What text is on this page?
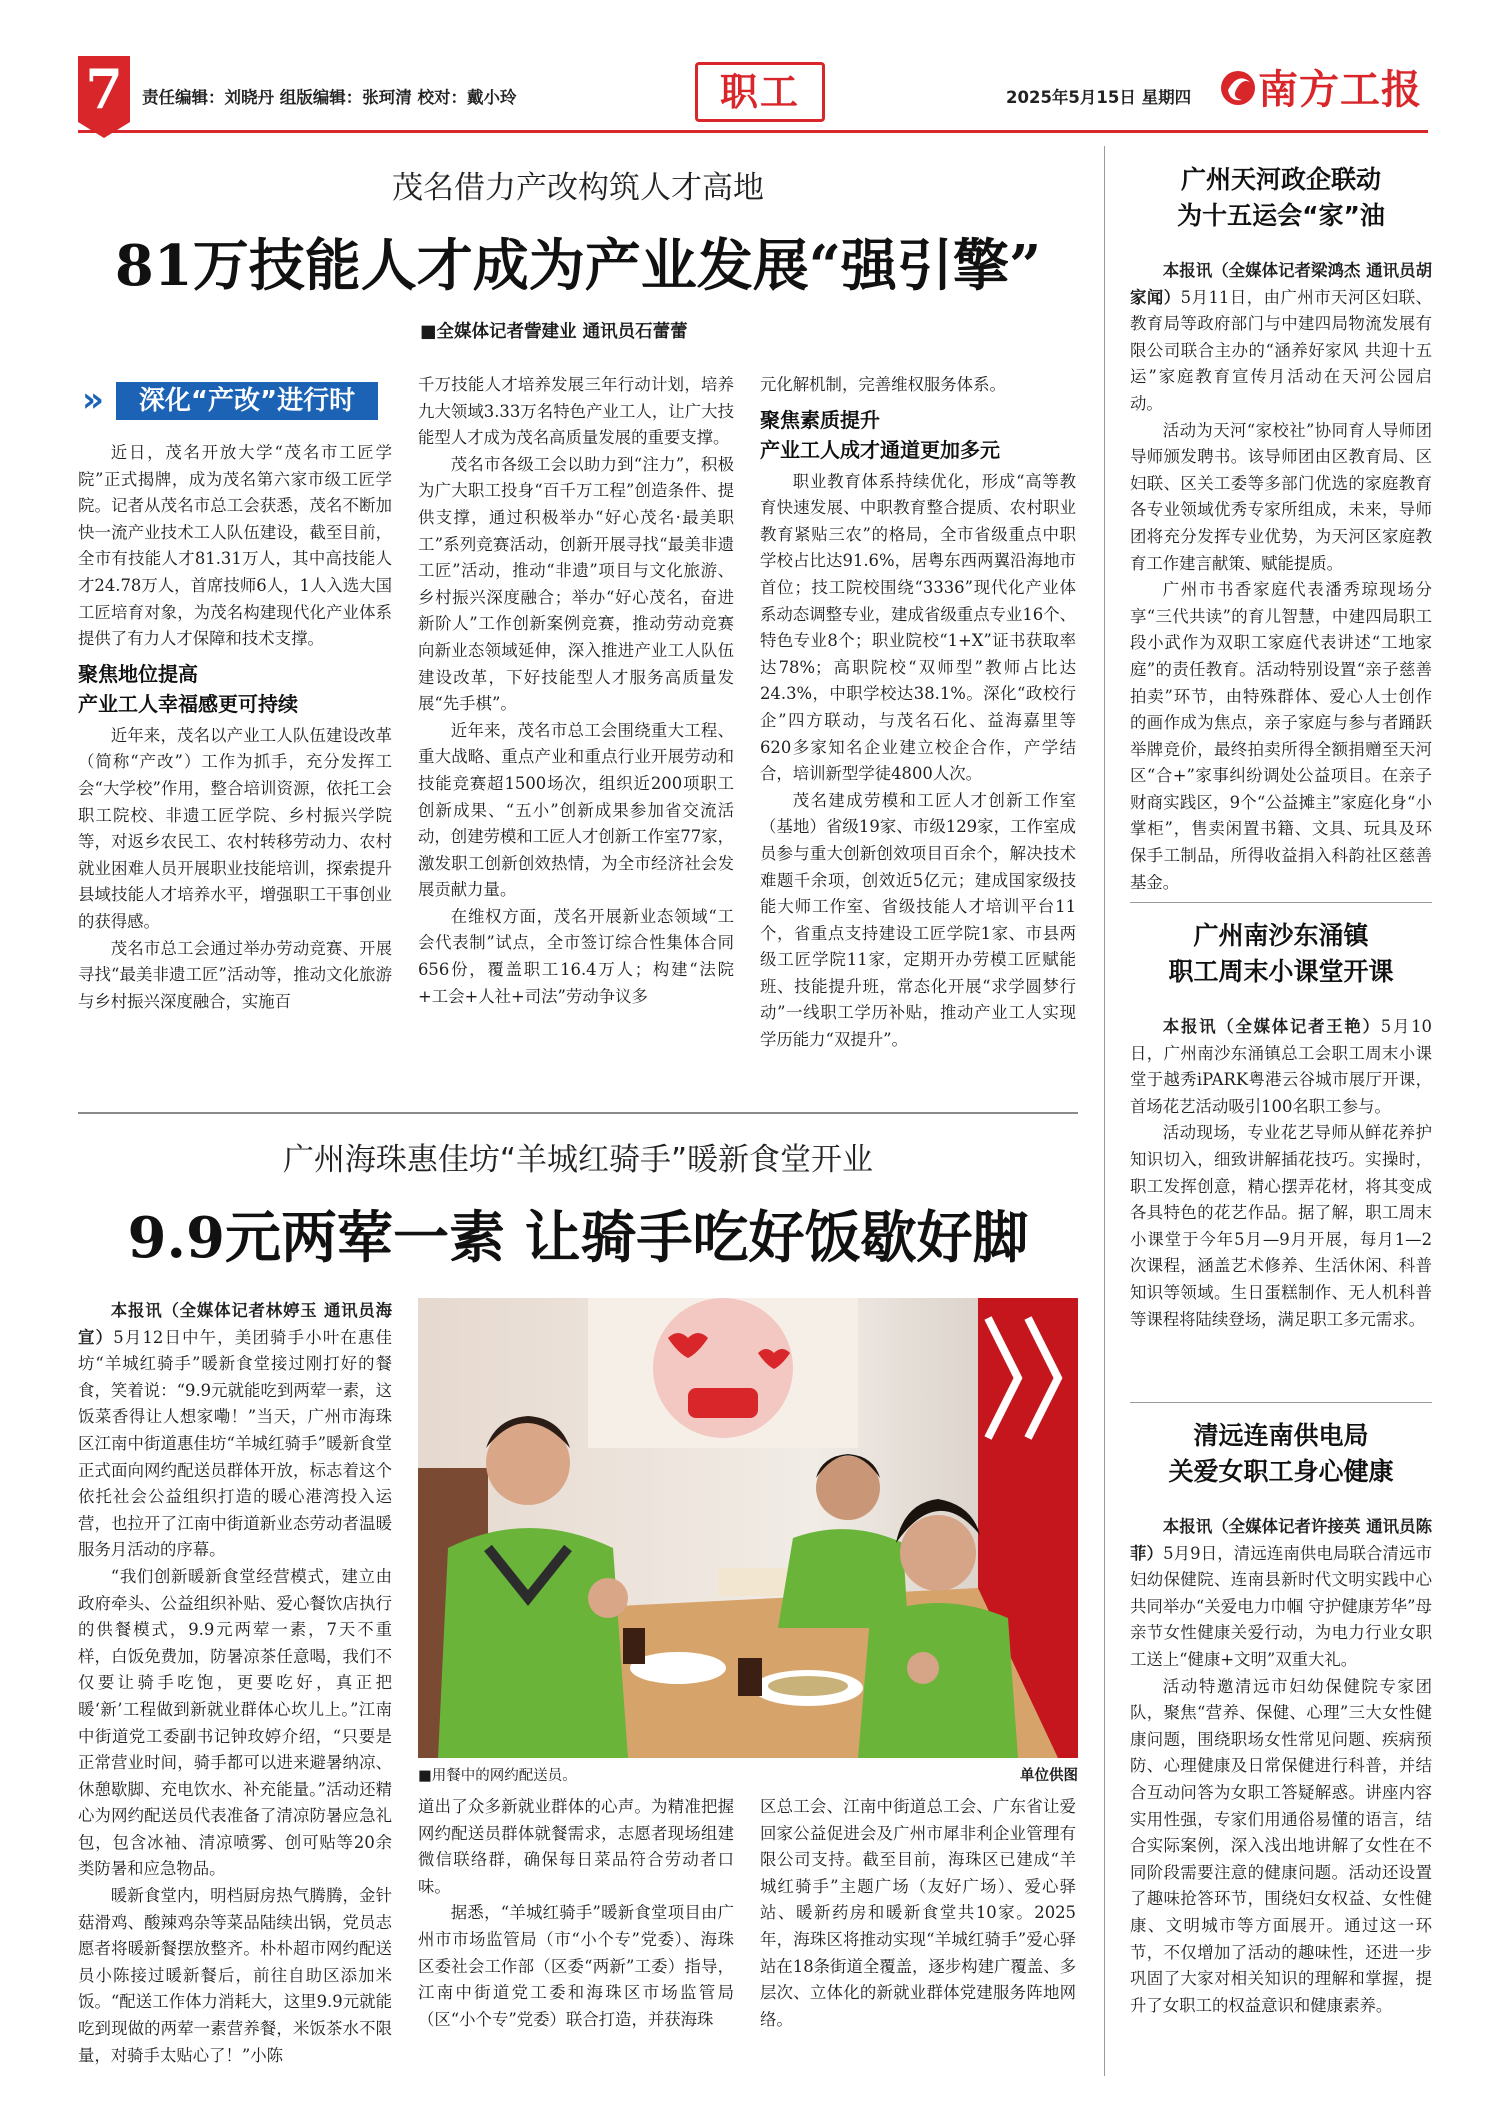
7	责任编辑：刘晓丹 组版编辑：张珂清 校对：戴小玲	职工	2025年5月15日 星期四 南方工报
茂名借力产改构筑人才高地
81万技能人才成为产业发展“强引擎”
■全媒体记者訾建业 通讯员石蕾蕾
»	深化“产改”进行时

近日，茂名开放大学“茂名市工匠学院”正式揭牌，成为茂名第六家市级工匠学院。记者从茂名市总工会获悉，茂名不断加快一流产业技术工人队伍建设，截至目前，全市有技能人才81.31万人，其中高技能人才24.78万人，首席技师6人，1人入选大国工匠培育对象，为茂名构建现代化产业体系提供了有力人才保障和技术支撑。

聚焦地位提高
产业工人幸福感更可持续

近年来，茂名以产业工人队伍建设改革（简称“产改”）工作为抓手，充分发挥工会“大学校”作用，整合培训资源，依托工会职工院校、非遗工匠学院、乡村振兴学院等，对返乡农民工、农村转移劳动力、农村就业困难人员开展职业技能培训，探索提升县域技能人才培养水平，增强职工干事创业的获得感。

茂名市总工会通过举办劳动竞赛、开展寻找“最美非遗工匠”活动等，推动文化旅游与乡村振兴深度融合，实施百

千万技能人才培养发展三年行动计划，培养九大领域3.33万名特色产业工人，让广大技能型人才成为茂名高质量发展的重要支撑。

茂名市各级工会以助力到“注力”，积极为广大职工投身“百千万工程”创造条件、提供支撑，通过积极举办“好心茂名·最美职工”系列竞赛活动，创新开展寻找“最美非遗工匠”活动，推动“非遗”项目与文化旅游、乡村振兴深度融合；举办“好心茂名，奋进新阶人”工作创新案例竞赛，推动劳动竞赛向新业态领域延伸，深入推进产业工人队伍建设改革，下好技能型人才服务高质量发展“先手棋”。

近年来，茂名市总工会围绕重大工程、重大战略、重点产业和重点行业开展劳动和技能竞赛超1500场次，组织近200项职工创新成果、“五小”创新成果参加省交流活动，创建劳模和工匠人才创新工作室77家，激发职工创新创效热情，为全市经济社会发展贡献力量。

在维权方面，茂名开展新业态领域“工会代表制”试点，全市签订综合性集体合同656份，覆盖职工16.4万人；构建“法院+工会+人社+司法”劳动争议多

元化解机制，完善维权服务体系。

聚焦素质提升
产业工人成才通道更加多元

职业教育体系持续优化，形成“高等教育快速发展、中职教育整合提质、农村职业教育紧贴三农”的格局，全市省级重点中职学校占比达91.6%，居粤东西两翼沿海地市首位；技工院校围绕“3336”现代化产业体系动态调整专业，建成省级重点专业16个、特色专业8个；职业院校“1+X”证书获取率达78%；高职院校“双师型”教师占比达24.3%，中职学校达38.1%。深化“政校行企”四方联动，与茂名石化、益海嘉里等620多家知名企业建立校企合作，产学结合，培训新型学徒4800人次。

茂名建成劳模和工匠人才创新工作室（基地）省级19家、市级129家，工作室成员参与重大创新创效项目百余个，解决技术难题千余项，创效近5亿元；建成国家级技能大师工作室、省级技能人才培训平台11个，省重点支持建设工匠学院1家、市县两级工匠学院11家，定期开办劳模工匠赋能班、技能提升班，常态化开展“求学圆梦行动”一线职工学历补贴，推动产业工人实现学历能力“双提升”。

广州海珠惠佳坊“羊城红骑手”暖新食堂开业
9.9元两荤一素 让骑手吃好饭歇好脚

本报讯（全媒体记者林婷玉 通讯员海宣）5月12日中午，美团骑手小叶在惠佳坊“羊城红骑手”暖新食堂接过刚打好的餐食，笑着说：“9.9元就能吃到两荤一素，这饭菜香得让人想家嘞！”当天，广州市海珠区江南中街道惠佳坊“羊城红骑手”暖新食堂正式面向网约配送员群体开放，标志着这个依托社会公益组织打造的暖心港湾投入运营，也拉开了江南中街道新业态劳动者温暖服务月活动的序幕。

“我们创新暖新食堂经营模式，建立由政府牵头、公益组织补贴、爱心餐饮店执行的供餐模式，9.9元两荤一素，7天不重样，白饭免费加，防暑凉茶任意喝，我们不仅要让骑手吃饱，更要吃好，真正把暖‘新’工程做到新就业群体心坎儿上。”江南中街道党工委副书记钟玫婷介绍，“只要是正常营业时间，骑手都可以进来避暑纳凉、休憩歇脚、充电饮水、补充能量。”活动还精心为网约配送员代表准备了清凉防暑应急礼包，包含冰袖、清凉喷雾、创可贴等20余类防暑和应急物品。

暖新食堂内，明档厨房热气腾腾，金针菇滑鸡、酸辣鸡杂等菜品陆续出锅，党员志愿者将暖新餐摆放整齐。朴朴超市网约配送员小陈接过暖新餐后，前往自助区添加米饭。“配送工作体力消耗大，这里9.9元就能吃到现做的两荤一素营养餐，米饭茶水不限量，对骑手太贴心了！”小陈

■用餐中的网约配送员。	单位供图

道出了众多新就业群体的心声。为精准把握网约配送员群体就餐需求，志愿者现场组建微信联络群，确保每日菜品符合劳动者口味。

据悉，“羊城红骑手”暖新食堂项目由广州市市场监管局（市“小个专”党委）、海珠区委社会工作部（区委“两新”工委）指导，江南中街道党工委和海珠区市场监管局（区“小个专”党委）联合打造，并获海珠

区总工会、江南中街道总工会、广东省让爱回家公益促进会及广州市犀非利企业管理有限公司支持。截至目前，海珠区已建成“羊城红骑手”主题广场（友好广场）、爱心驿站、暖新药房和暖新食堂共10家。2025年，海珠区将推动实现“羊城红骑手”爱心驿站在18条街道全覆盖，逐步构建广覆盖、多层次、立体化的新就业群体党建服务阵地网络。

广州天河政企联动
为十五运会“家”油

本报讯（全媒体记者梁鸿杰 通讯员胡家闻）5月11日，由广州市天河区妇联、教育局等政府部门与中建四局物流发展有限公司联合主办的“涵养好家风 共迎十五运”家庭教育宣传月活动在天河公园启动。

活动为天河“家校社”协同育人导师团导师颁发聘书。该导师团由区教育局、区妇联、区关工委等多部门优选的家庭教育各专业领域优秀专家所组成，未来，导师团将充分发挥专业优势，为天河区家庭教育工作建言献策、赋能提质。

广州市书香家庭代表潘秀琼现场分享“三代共读”的育儿智慧，中建四局职工段小武作为双职工家庭代表讲述“工地家庭”的责任教育。活动特别设置“亲子慈善拍卖”环节，由特殊群体、爱心人士创作的画作成为焦点，亲子家庭与参与者踊跃举牌竞价，最终拍卖所得全额捐赠至天河区“合+”家事纠纷调处公益项目。在亲子财商实践区，9个“公益摊主”家庭化身“小掌柜”，售卖闲置书籍、文具、玩具及环保手工制品，所得收益捐入科韵社区慈善基金。

广州南沙东涌镇
职工周末小课堂开课

本报讯（全媒体记者王艳）5月10日，广州南沙东涌镇总工会职工周末小课堂于越秀iPARK粤港云谷城市展厅开课，首场花艺活动吸引100名职工参与。

活动现场，专业花艺导师从鲜花养护知识切入，细致讲解插花技巧。实操时，职工发挥创意，精心摆弄花材，将其变成各具特色的花艺作品。据了解，职工周末小课堂于今年5月—9月开展，每月1—2次课程，涵盖艺术修养、生活休闲、科普知识等领域。生日蛋糕制作、无人机科普等课程将陆续登场，满足职工多元需求。

清远连南供电局
关爱女职工身心健康

本报讯（全媒体记者许接英 通讯员陈菲）5月9日，清远连南供电局联合清远市妇幼保健院、连南县新时代文明实践中心共同举办“关爱电力巾帼 守护健康芳华”母亲节女性健康关爱行动，为电力行业女职工送上“健康+文明”双重大礼。

活动特邀清远市妇幼保健院专家团队，聚焦“营养、保健、心理”三大女性健康问题，围绕职场女性常见问题、疾病预防、心理健康及日常保健进行科普，并结合互动问答为女职工答疑解惑。讲座内容实用性强，专家们用通俗易懂的语言，结合实际案例，深入浅出地讲解了女性在不同阶段需要注意的健康问题。活动还设置了趣味抢答环节，围绕妇女权益、女性健康、文明城市等方面展开。通过这一环节，不仅增加了活动的趣味性，还进一步巩固了大家对相关知识的理解和掌握，提升了女职工的权益意识和健康素养。
